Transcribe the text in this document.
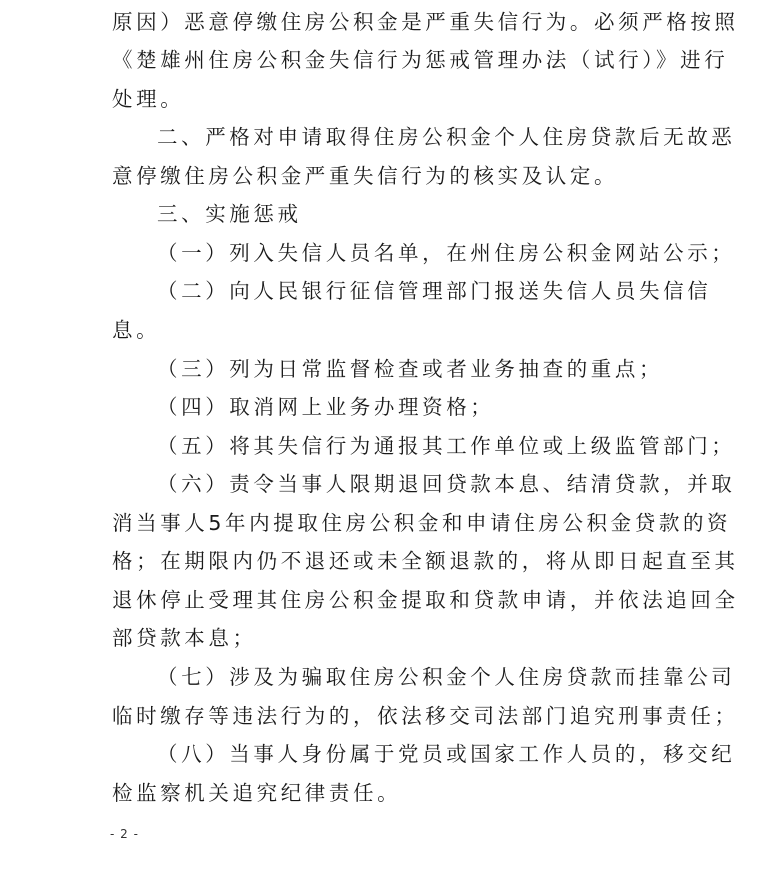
原因）恶意停缴住房公积金是严重失信行为。必须严格按照
《楚雄州住房公积金失信行为惩戒管理办法（试行）》进行
处理。
二、严格对申请取得住房公积金个人住房贷款后无故恶
意停缴住房公积金严重失信行为的核实及认定。
三、实施惩戒
（一）列入失信人员名单，在州住房公积金网站公示；
（二）向人民银行征信管理部门报送失信人员失信信
息。
（三）列为日常监督检查或者业务抽查的重点；
（四）取消网上业务办理资格；
（五）将其失信行为通报其工作单位或上级监管部门；
（六）责令当事人限期退回贷款本息、结清贷款，并取
消当事人5年内提取住房公积金和申请住房公积金贷款的资
格；在期限内仍不退还或未全额退款的，将从即日起直至其
退休停止受理其住房公积金提取和贷款申请，并依法追回全
部贷款本息；
（七）涉及为骗取住房公积金个人住房贷款而挂靠公司
临时缴存等违法行为的，依法移交司法部门追究刑事责任；
（八）当事人身份属于党员或国家工作人员的，移交纪
检监察机关追究纪律责任。
- 2 -
